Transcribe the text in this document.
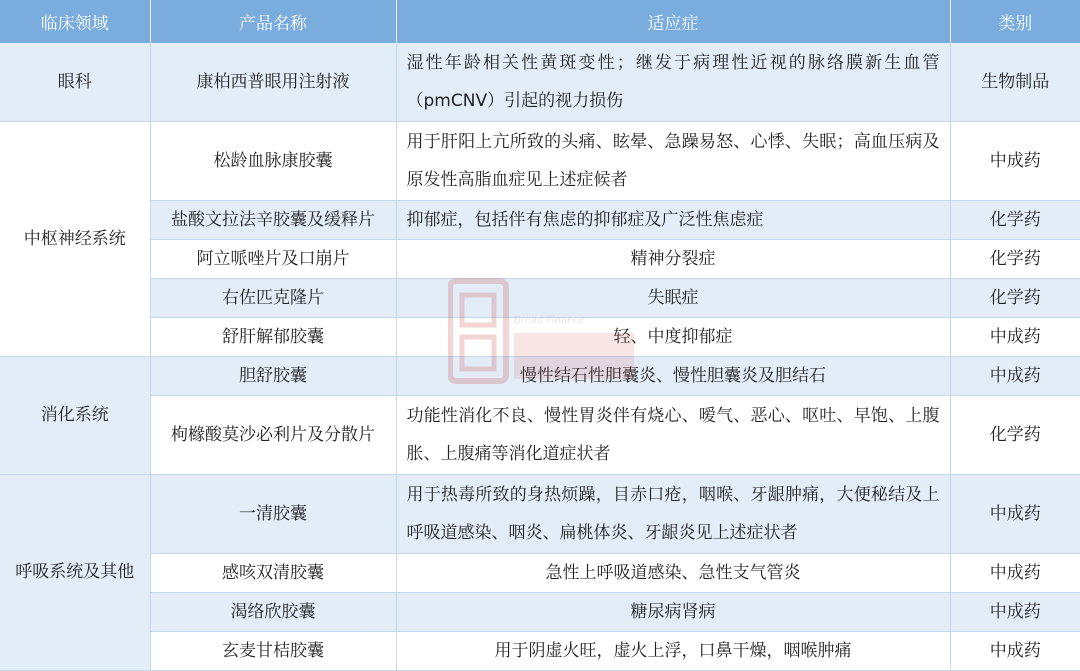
临床领域	产品名称	适应症	类别
眼科	康柏西普眼用注射液	湿性年龄相关性黄斑变性；继发于病理性近视的脉络膜新生血管（pmCNV）引起的视力损伤	生物制品
中枢神经系统	松龄血脉康胶囊	用于肝阳上亢所致的头痛、眩晕、急躁易怒、心悸、失眠；高血压病及原发性高脂血症见上述症候者	中成药
	盐酸文拉法辛胶囊及缓释片	抑郁症，包括伴有焦虑的抑郁症及广泛性焦虑症	化学药
	阿立哌唑片及口崩片	精神分裂症	化学药
	右佐匹克隆片	失眠症	化学药
	舒肝解郁胶囊	轻、中度抑郁症	中成药
消化系统	胆舒胶囊	慢性结石性胆囊炎、慢性胆囊炎及胆结石	中成药
	枸橼酸莫沙必利片及分散片	功能性消化不良、慢性胃炎伴有烧心、嗳气、恶心、呕吐、早饱、上腹胀、上腹痛等消化道症状者	化学药
呼吸系统及其他	一清胶囊	用于热毒所致的身热烦躁，目赤口疮，咽喉、牙龈肿痛，大便秘结及上呼吸道感染、咽炎、扁桃体炎、牙龈炎见上述症状者	中成药
	感咳双清胶囊	急性上呼吸道感染、急性支气管炎	中成药
	渴络欣胶囊	糖尿病肾病	中成药
	玄麦甘桔胶囊	用于阴虚火旺，虚火上浮，口鼻干燥，咽喉肿痛	中成药
Bread Finance
